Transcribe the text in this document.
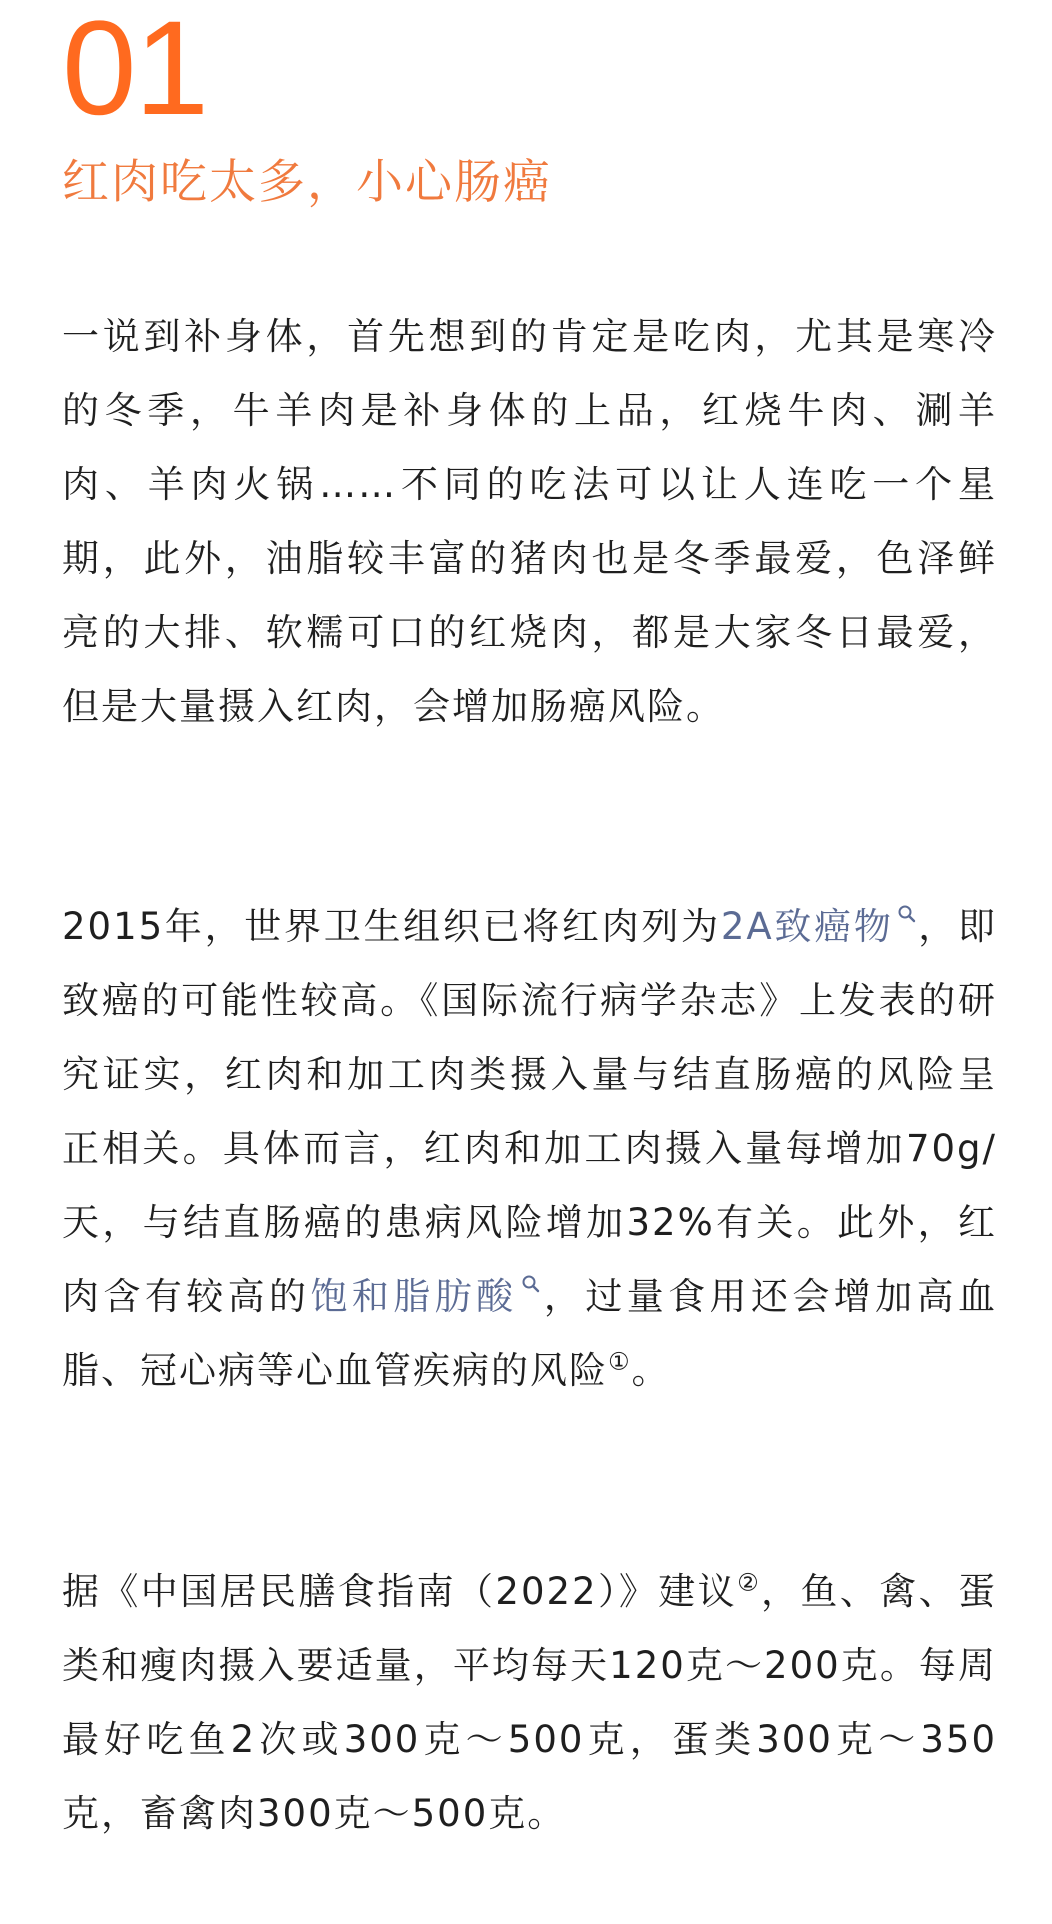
01
红肉吃太多，小心肠癌

一说到补身体，首先想到的肯定是吃肉，尤其是寒冷的冬季，牛羊肉是补身体的上品，红烧牛肉、涮羊肉、羊肉火锅……不同的吃法可以让人连吃一个星期，此外，油脂较丰富的猪肉也是冬季最爱，色泽鲜亮的大排、软糯可口的红烧肉，都是大家冬日最爱，但是大量摄入红肉，会增加肠癌风险。

2015年，世界卫生组织已将红肉列为2A致癌物 ，即致癌的可能性较高。《国际流行病学杂志》上发表的研究证实，红肉和加工肉类摄入量与结直肠癌的风险呈正相关。具体而言，红肉和加工肉摄入量每增加70g/天，与结直肠癌的患病风险增加32%有关。此外，红肉含有较高的饱和脂肪酸 ，过量食用还会增加高血脂、冠心病等心血管疾病的风险①。

据《中国居民膳食指南（2022）》建议②，鱼、禽、蛋类和瘦肉摄入要适量，平均每天120克～200克。每周最好吃鱼2次或300克～500克，蛋类300克～350克，畜禽肉300克～500克。
